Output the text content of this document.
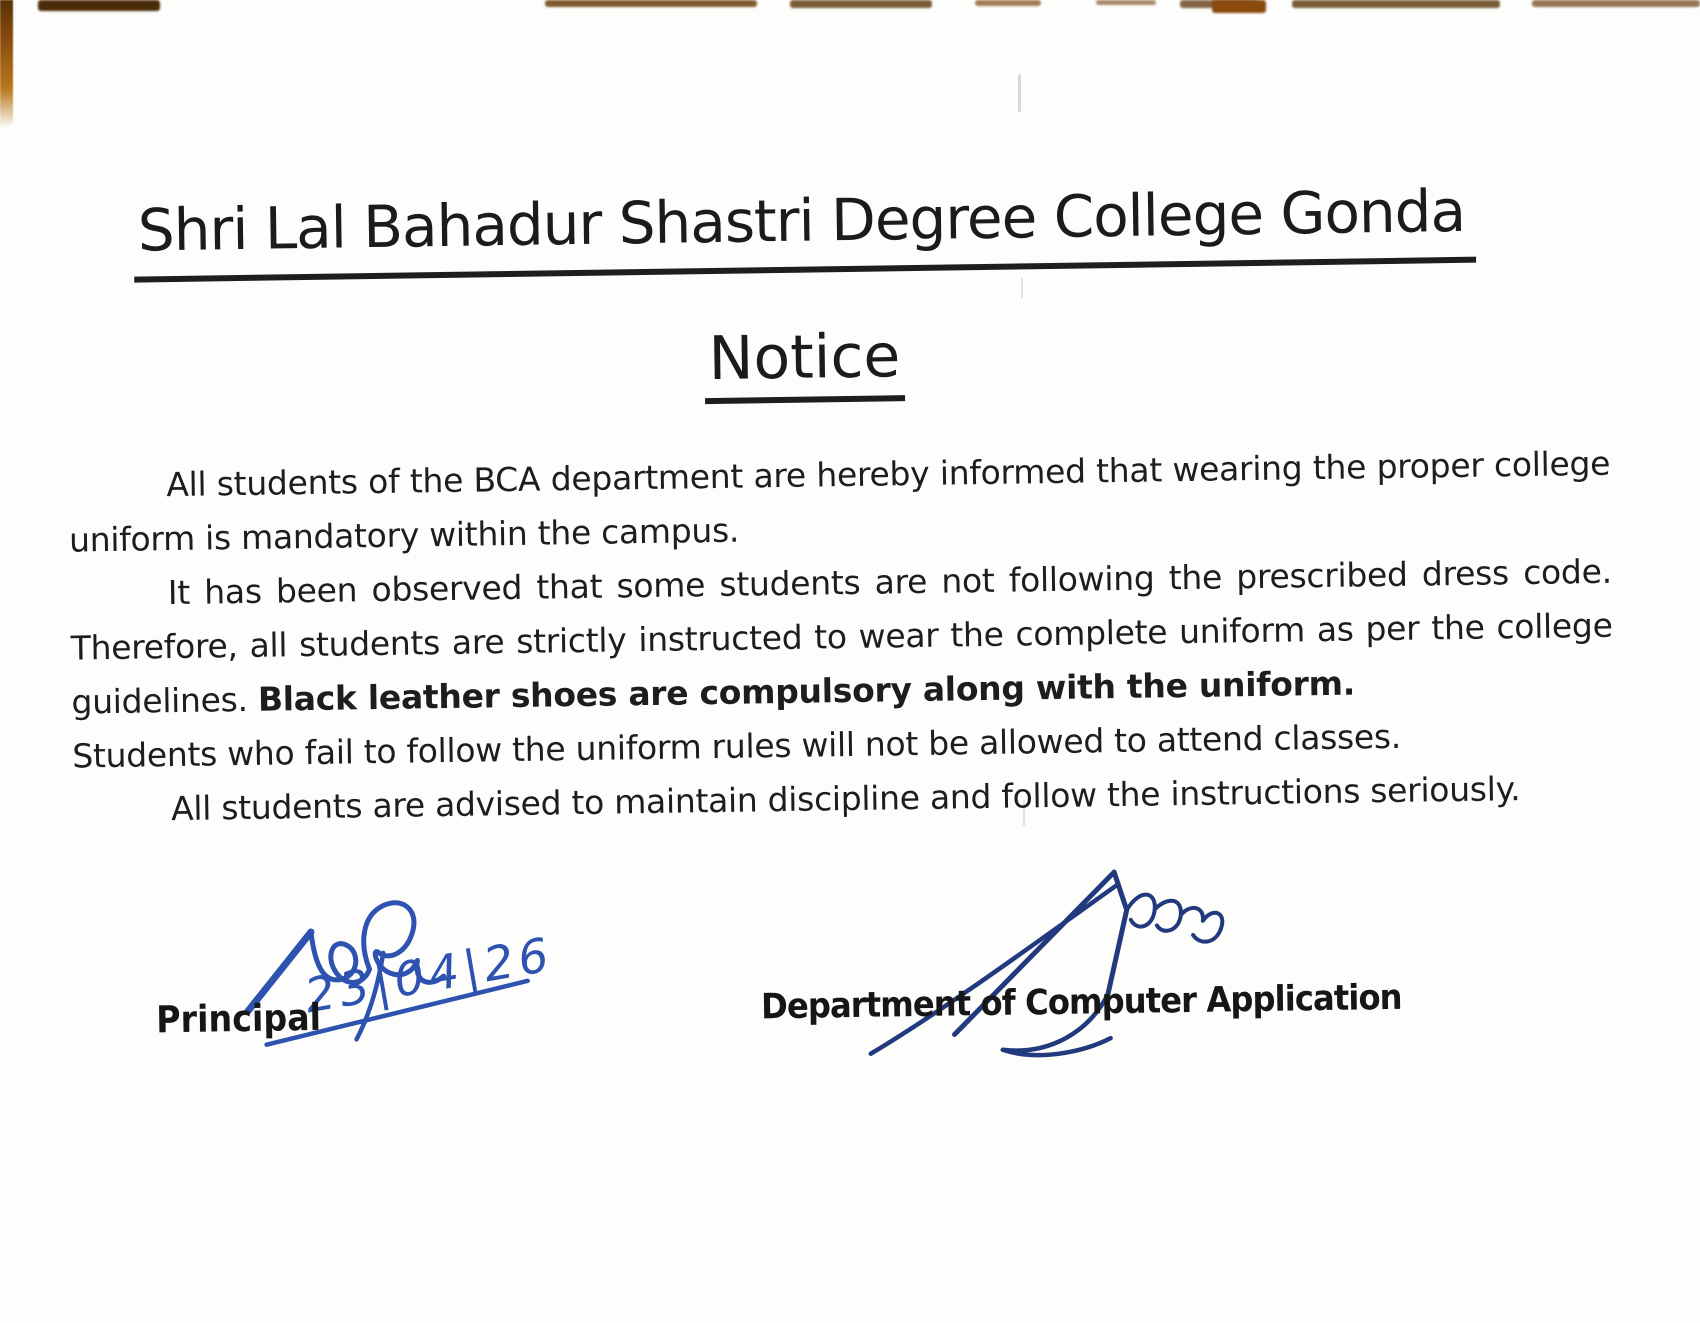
Shri Lal Bahadur Shastri Degree College Gonda
Notice

All students of the BCA department are hereby informed that wearing the proper college uniform is mandatory within the campus.

It has been observed that some students are not following the prescribed dress code. Therefore, all students are strictly instructed to wear the complete uniform as per the college guidelines. Black leather shoes are compulsory along with the uniform.

Students who fail to follow the uniform rules will not be allowed to attend classes.

All students are advised to maintain discipline and follow the instructions seriously.

23|04|26
Principal	Department of Computer Application
